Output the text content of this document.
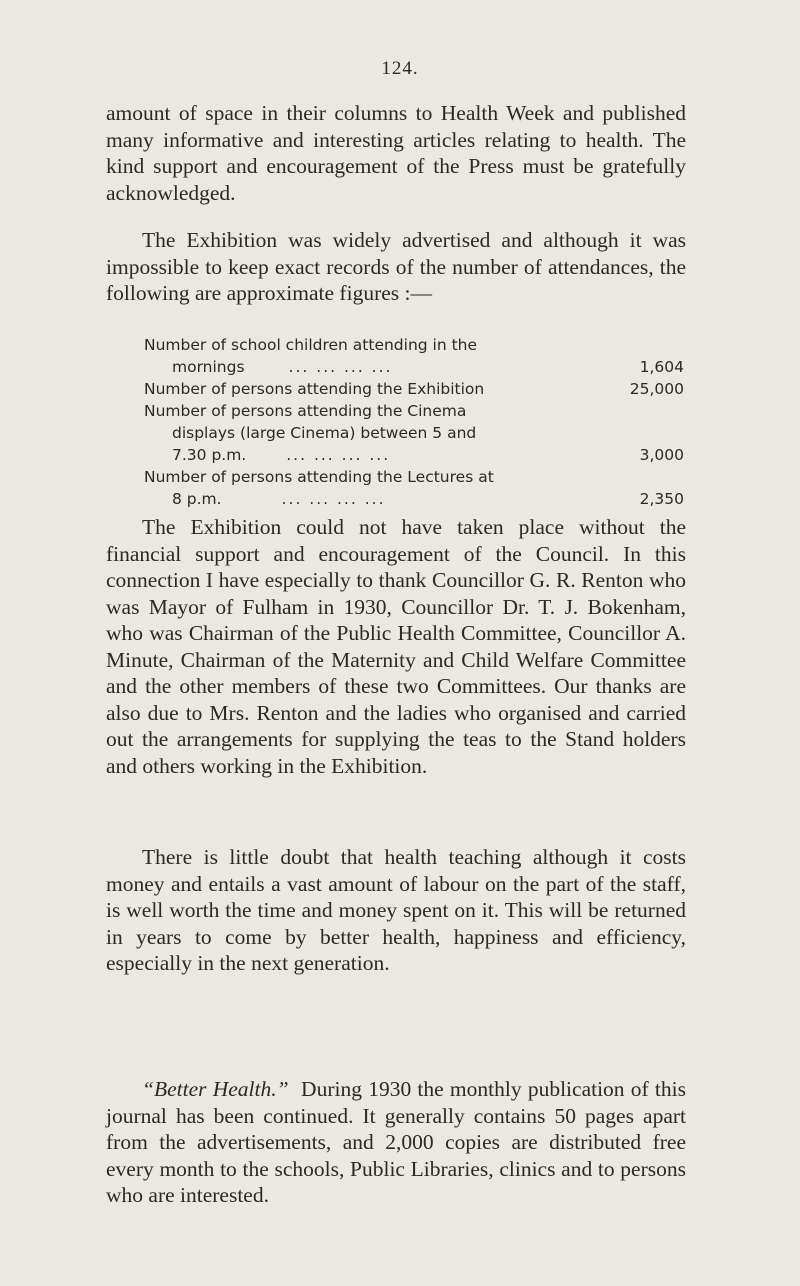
124.

amount of space in their columns to Health Week and published many informative and interesting articles relating to health. The kind support and encouragement of the Press must be gratefully acknowledged.

The Exhibition was widely advertised and although it was impossible to keep exact records of the number of attendances, the following are approximate figures :—

Number of school children attending in the
mornings	... ... ... ...	1,604
Number of persons attending the Exhibition	25,000
Number of persons attending the Cinema
displays (large Cinema) between 5 and
7.30 p.m.	... ... ... ...	3,000
Number of persons attending the Lectures at
8 p.m.	... ... ... ...	2,350

The Exhibition could not have taken place without the financial support and encouragement of the Council. In this connection I have especially to thank Councillor G. R. Renton who was Mayor of Fulham in 1930, Councillor Dr. T. J. Bokenham, who was Chairman of the Public Health Committee, Councillor A. Minute, Chairman of the Maternity and Child Welfare Committee and the other members of these two Committees. Our thanks are also due to Mrs. Renton and the ladies who organised and carried out the arrangements for supplying the teas to the Stand holders and others working in the Exhibition.

There is little doubt that health teaching although it costs money and entails a vast amount of labour on the part of the staff, is well worth the time and money spent on it. This will be returned in years to come by better health, happiness and efficiency, especially in the next generation.

“Better Health.” During 1930 the monthly publication of this journal has been continued. It generally contains 50 pages apart from the advertisements, and 2,000 copies are distributed free every month to the schools, Public Libraries, clinics and to persons who are interested.
